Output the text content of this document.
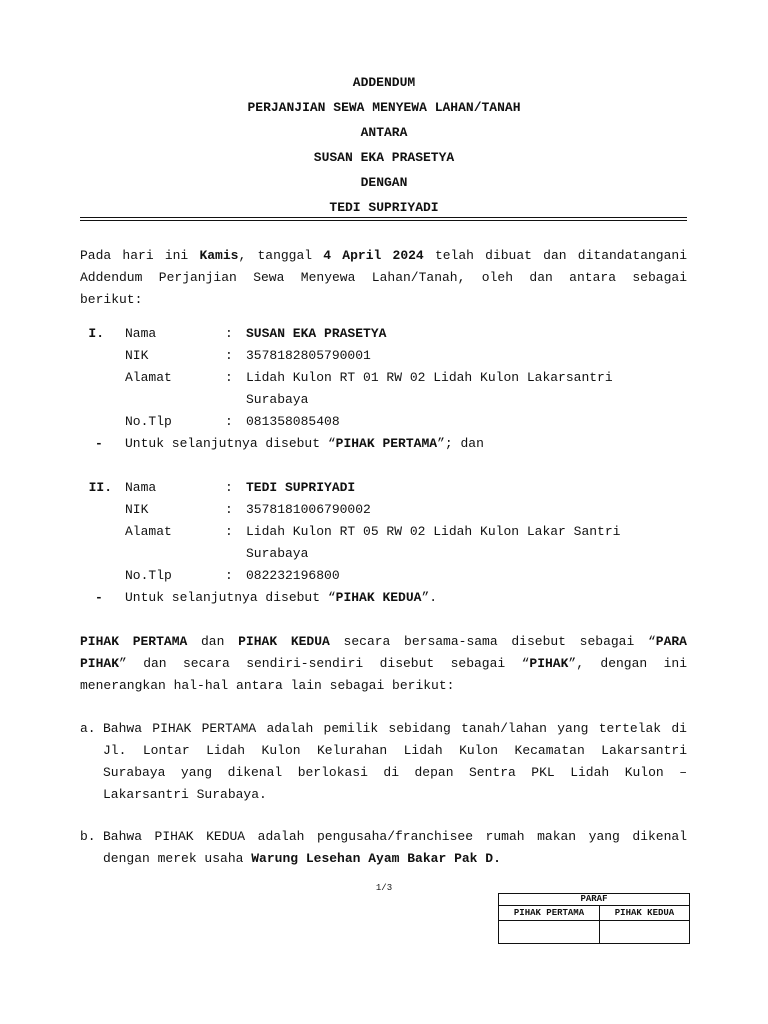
ADDENDUM
PERJANJIAN SEWA MENYEWA LAHAN/TANAH
ANTARA
SUSAN EKA PRASETYA
DENGAN
TEDI SUPRIYADI
Pada hari ini Kamis, tanggal 4 April 2024 telah dibuat dan ditandatangani Addendum Perjanjian Sewa Menyewa Lahan/Tanah, oleh dan antara sebagai berikut:
I. Nama	: SUSAN EKA PRASETYA
NIK	: 3578182805790001
Alamat	: Lidah Kulon RT 01 RW 02 Lidah Kulon Lakarsantri
Surabaya
No.Tlp	: 081358085408
- Untuk selanjutnya disebut “PIHAK PERTAMA”; dan
II. Nama	: TEDI SUPRIYADI
NIK	: 3578181006790002
Alamat	: Lidah Kulon RT 05 RW 02 Lidah Kulon Lakar Santri
Surabaya
No.Tlp	: 082232196800
- Untuk selanjutnya disebut “PIHAK KEDUA”.
PIHAK PERTAMA dan PIHAK KEDUA secara bersama-sama disebut sebagai “PARA PIHAK” dan secara sendiri-sendiri disebut sebagai “PIHAK”, dengan ini menerangkan hal-hal antara lain sebagai berikut:
a. Bahwa PIHAK PERTAMA adalah pemilik sebidang tanah/lahan yang tertelak di Jl. Lontar Lidah Kulon Kelurahan Lidah Kulon Kecamatan Lakarsantri Surabaya yang dikenal berlokasi di depan Sentra PKL Lidah Kulon – Lakarsantri Surabaya.
b. Bahwa PIHAK KEDUA adalah pengusaha/franchisee rumah makan yang dikenal dengan merek usaha Warung Lesehan Ayam Bakar Pak D.
1/3
PARAF
PIHAK PERTAMA	PIHAK KEDUA
